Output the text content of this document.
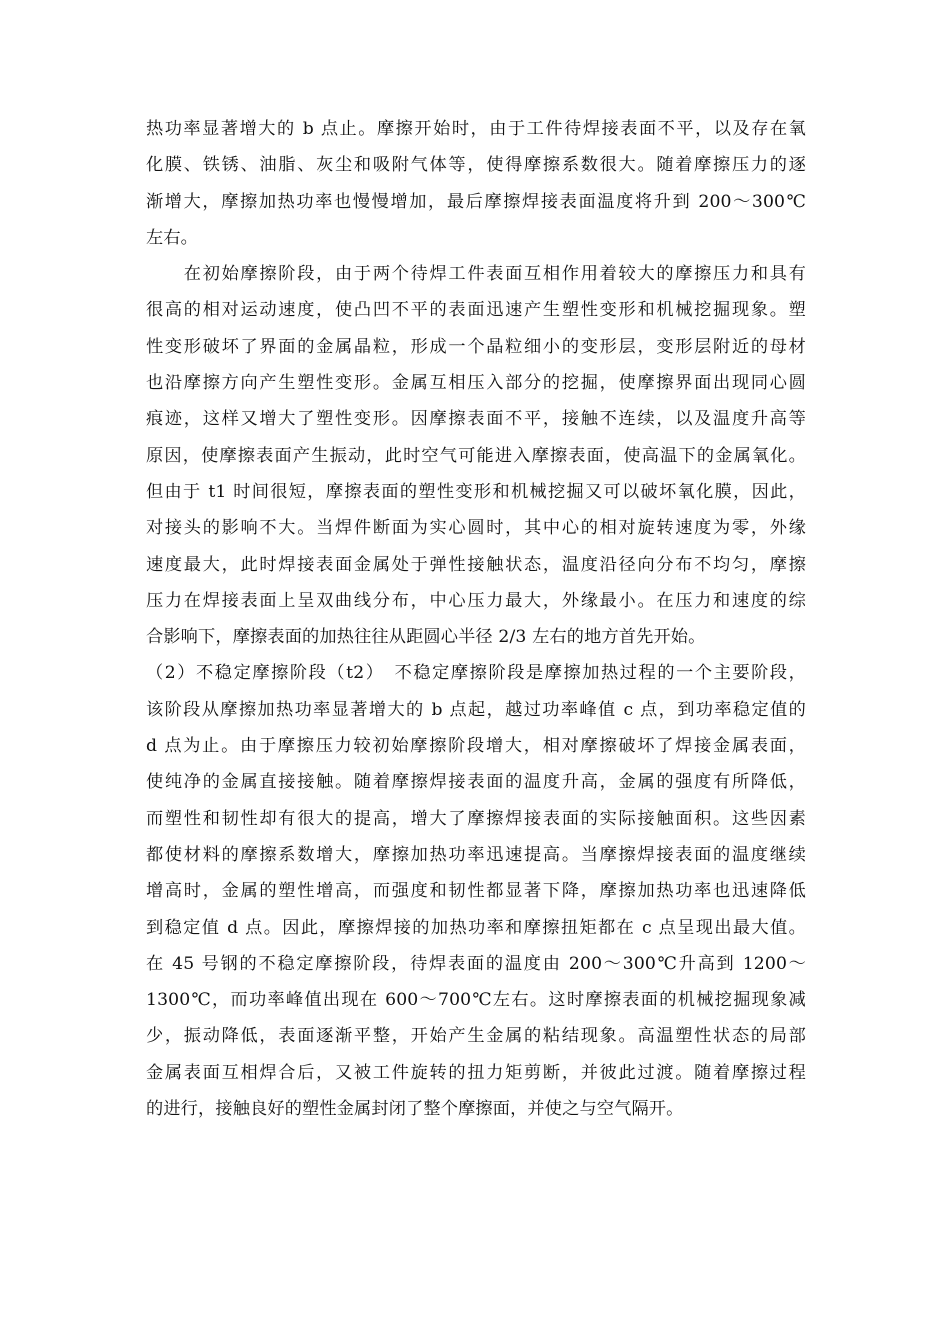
热功率显著增大的 b 点止。摩擦开始时，由于工件待焊接表面不平，以及存在氧
化膜、铁锈、油脂、灰尘和吸附气体等，使得摩擦系数很大。随着摩擦压力的逐
渐增大，摩擦加热功率也慢慢增加，最后摩擦焊接表面温度将升到 200～300℃
左右。
　　在初始摩擦阶段，由于两个待焊工件表面互相作用着较大的摩擦压力和具有
很高的相对运动速度，使凸凹不平的表面迅速产生塑性变形和机械挖掘现象。塑
性变形破坏了界面的金属晶粒，形成一个晶粒细小的变形层，变形层附近的母材
也沿摩擦方向产生塑性变形。金属互相压入部分的挖掘，使摩擦界面出现同心圆
痕迹，这样又增大了塑性变形。因摩擦表面不平，接触不连续，以及温度升高等
原因，使摩擦表面产生振动，此时空气可能进入摩擦表面，使高温下的金属氧化。
但由于 t1 时间很短，摩擦表面的塑性变形和机械挖掘又可以破坏氧化膜，因此，
对接头的影响不大。当焊件断面为实心圆时，其中心的相对旋转速度为零，外缘
速度最大，此时焊接表面金属处于弹性接触状态，温度沿径向分布不均匀，摩擦
压力在焊接表面上呈双曲线分布，中心压力最大，外缘最小。在压力和速度的综
合影响下，摩擦表面的加热往往从距圆心半径 2/3 左右的地方首先开始。
（2）不稳定摩擦阶段（t2）　不稳定摩擦阶段是摩擦加热过程的一个主要阶段，
该阶段从摩擦加热功率显著增大的 b 点起，越过功率峰值 c 点，到功率稳定值的
d 点为止。由于摩擦压力较初始摩擦阶段增大，相对摩擦破坏了焊接金属表面，
使纯净的金属直接接触。随着摩擦焊接表面的温度升高，金属的强度有所降低，
而塑性和韧性却有很大的提高，增大了摩擦焊接表面的实际接触面积。这些因素
都使材料的摩擦系数增大，摩擦加热功率迅速提高。当摩擦焊接表面的温度继续
增高时，金属的塑性增高，而强度和韧性都显著下降，摩擦加热功率也迅速降低
到稳定值 d 点。因此，摩擦焊接的加热功率和摩擦扭矩都在 c 点呈现出最大值。
在 45 号钢的不稳定摩擦阶段，待焊表面的温度由 200～300℃升高到 1200～
1300℃，而功率峰值出现在 600～700℃左右。这时摩擦表面的机械挖掘现象减
少，振动降低，表面逐渐平整，开始产生金属的粘结现象。高温塑性状态的局部
金属表面互相焊合后，又被工件旋转的扭力矩剪断，并彼此过渡。随着摩擦过程
的进行，接触良好的塑性金属封闭了整个摩擦面，并使之与空气隔开。
